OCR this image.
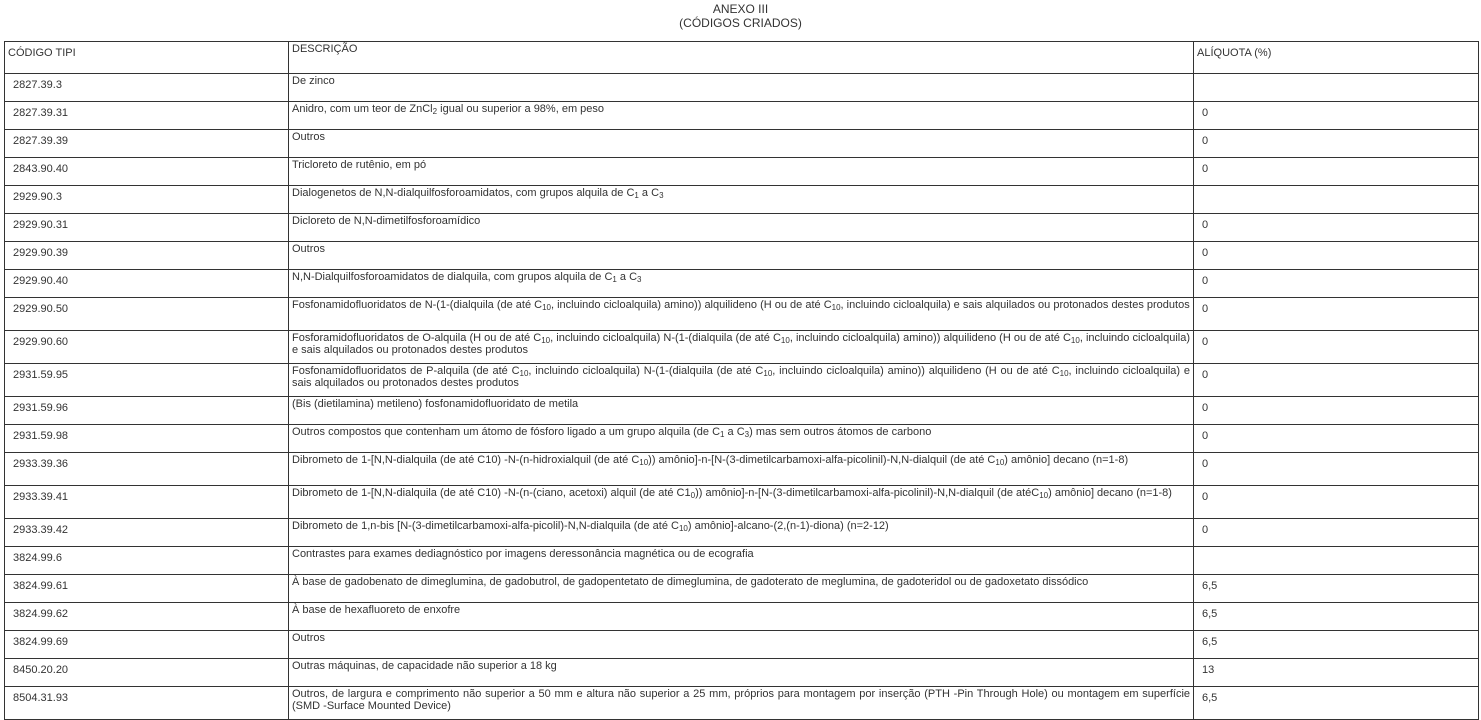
ANEXO III
(CÓDIGOS CRIADOS)
CÓDIGO TIPI	DESCRIÇÃO	ALÍQUOTA (%)
2827.39.3	De zinco	
2827.39.31	Anidro, com um teor de ZnCl$_2$ igual ou superior a 98%, em peso	0
2827.39.39	Outros	0
2843.90.40	Tricloreto de rutênio, em pó	0
2929.90.3	Dialogenetos de N,N-dialquilfosforoamidatos, com grupos alquila de $C_1$ a $C_3$	
2929.90.31	Dicloreto de N,N-dimetilfosforoamídico	0
2929.90.39	Outros	0
2929.90.40	N,N-Dialquilfosforoamidatos de dialquila, com grupos alquila de $C_1$ a $C_3$	0
2929.90.50	Fosfonamidofluoridatos de N-(1-(dialquila (de até $C_{10}$, incluindo cicloalquila) amino)) alquilideno (H ou de até $C_{10}$, incluindo cicloalquila) e sais alquilados ou protonados destes produtos	0
2929.90.60	Fosforamidofluoridatos de O-alquila (H ou de até $C_{10}$, incluindo cicloalquila) N-(1-(dialquila (de até $C_{10}$, incluindo cicloalquila) amino)) alquilideno (H ou de até $C_{10}$, incluindo cicloalquila) e sais alquilados ou protonados destes produtos	0
2931.59.95	Fosfonamidofluoridatos de P-alquila (de até $C_{10}$, incluindo cicloalquila) N-(1-(dialquila (de até $C_{10}$, incluindo cicloalquila) amino)) alquilideno (H ou de até $C_{10}$, incluindo cicloalquila) e sais alquilados ou protonados destes produtos	0
2931.59.96	(Bis (dietilamina) metileno) fosfonamidofluoridato de metila	0
2931.59.98	Outros compostos que contenham um átomo de fósforo ligado a um grupo alquila (de $C_1$ a $C_3$) mas sem outros átomos de carbono	0
2933.39.36	Dibrometo de 1-[N,N-dialquila (de até C10) -N-(n-hidroxialquil (de até $C_{10}$)) amônio]-n-[N-(3-dimetilcarbamoxi-alfa-picolinil)-N,N-dialquil (de até $C_{10}$) amônio] decano (n=1-8)	0
2933.39.41	Dibrometo de 1-[N,N-dialquila (de até C10) -N-(n-(ciano, acetoxi) alquil (de até $C1_0$)) amônio]-n-[N-(3-dimetilcarbamoxi-alfa-picolinil)-N,N-dialquil (de atéC$_{10}$) amônio] decano (n=1-8)	0
2933.39.42	Dibrometo de 1,n-bis [N-(3-dimetilcarbamoxi-alfa-picolil)-N,N-dialquila (de até $C_{10}$) amônio]-alcano-(2,(n-1)-diona) (n=2-12)	0
3824.99.6	Contrastes para exames dediagnóstico por imagens deressonância magnética ou de ecografia	
3824.99.61	À base de gadobenato de dimeglumina, de gadobutrol, de gadopentetato de dimeglumina, de gadoterato de meglumina, de gadoteridol ou de gadoxetato dissódico	6,5
3824.99.62	À base de hexafluoreto de enxofre	6,5
3824.99.69	Outros	6,5
8450.20.20	Outras máquinas, de capacidade não superior a 18 kg	13
8504.31.93	Outros, de largura e comprimento não superior a 50 mm e altura não superior a 25 mm, próprios para montagem por inserção (PTH -Pin Through Hole) ou montagem em superfície (SMD -Surface Mounted Device)	6,5
